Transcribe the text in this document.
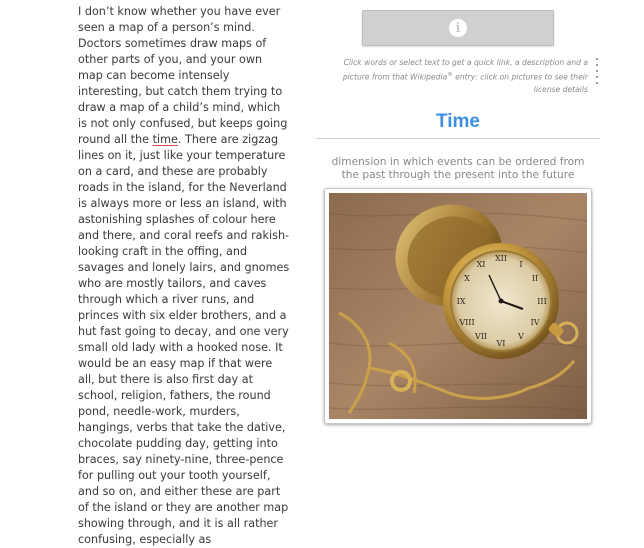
I don’t know whether you have ever seen a map of a person’s mind. Doctors sometimes draw maps of other parts of you, and your own map can become intensely interesting, but catch them trying to draw a map of a child’s mind, which is not only confused, but keeps going round all the time. There are zigzag lines on it, just like your temperature on a card, and these are probably roads in the island, for the Neverland is always more or less an island, with astonishing splashes of colour here and there, and coral reefs and rakish-looking craft in the offing, and savages and lonely lairs, and gnomes who are mostly tailors, and caves through which a river runs, and princes with six elder brothers, and a hut fast going to decay, and one very small old lady with a hooked nose. It would be an easy map if that were all, but there is also first day at school, religion, fathers, the round pond, needle-work, murders, hangings, verbs that take the dative, chocolate pudding day, getting into braces, say ninety-nine, three-pence for pulling out your tooth yourself, and so on, and either these are part of the island or they are another map showing through, and it is all rather confusing, especially as

i
Click words or select text to get a quick link, a description and a picture from that Wikipedia® entry: click on pictures to see their license details
Time
dimension in which events can be ordered from the past through the present into the future
XII
I
II
III
IV
V
VI
VII
VIII
IX
X
XI
